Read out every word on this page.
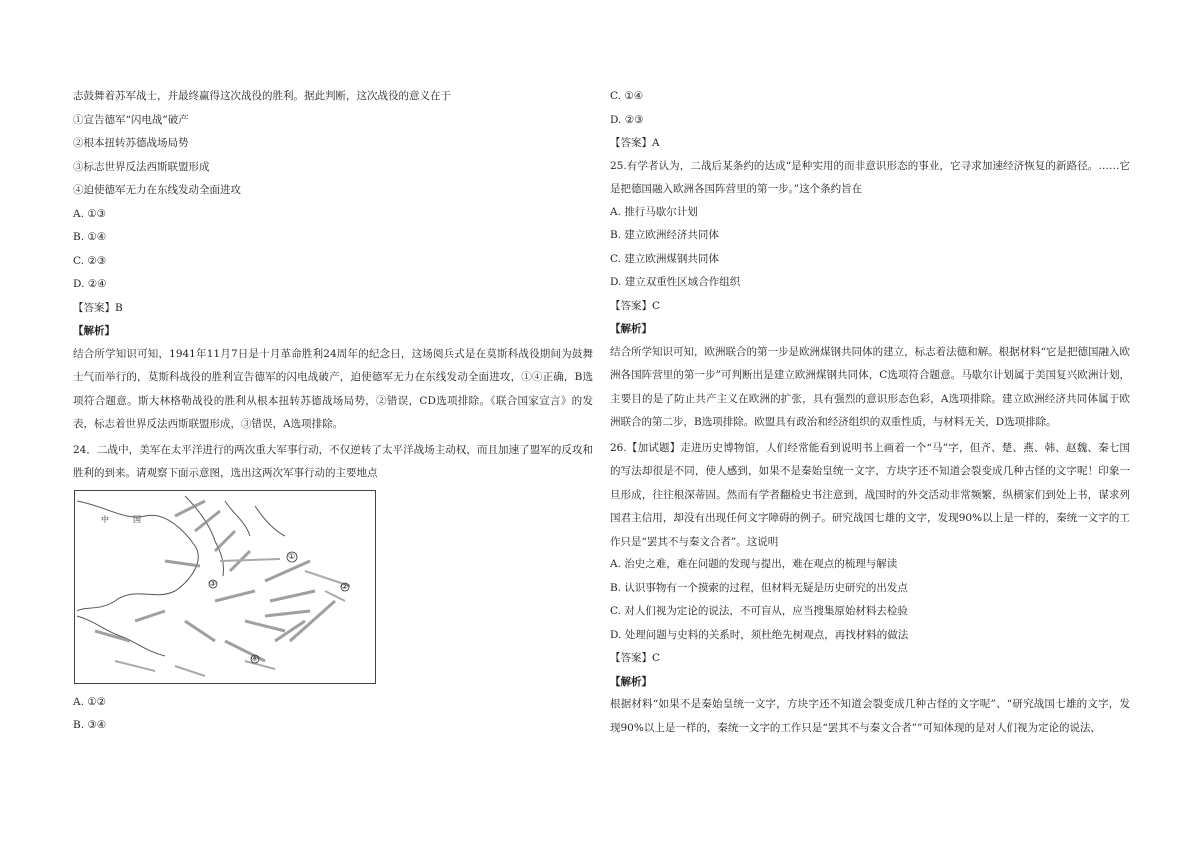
志鼓舞着苏军战士，并最终赢得这次战役的胜利。据此判断，这次战役的意义在于

①宣告德军“闪电战”破产

②根本扭转苏德战场局势

③标志世界反法西斯联盟形成

④迫使德军无力在东线发动全面进攻

A. ①③

B. ①④

C. ②③

D. ②④

【答案】B

【解析】

结合所学知识可知，1941年11月7日是十月革命胜利24周年的纪念日，这场阅兵式是在莫斯科战役期间为鼓舞士气而举行的，莫斯科战役的胜利宣告德军的闪电战破产，迫使德军无力在东线发动全面进攻，①④正确，B选项符合题意。斯大林格勒战役的胜利从根本扭转苏德战场局势，②错误，CD选项排除。《联合国家宣言》的发表，标志着世界反法西斯联盟形成，③错误，A选项排除。

24．二战中，美军在太平洋进行的两次重大军事行动，不仅逆转了太平洋战场主动权，而且加速了盟军的反攻和胜利的到来。请观察下面示意图，选出这两次军事行动的主要地点

中	国
①
②
③
④

A. ①②

B. ③④

C. ①④

D. ②③

【答案】A

25.有学者认为，二战后某条约的达成“是种实用的而非意识形态的事业，它寻求加速经济恢复的新路径。……它是把德国融入欧洲各国阵营里的第一步。”这个条约旨在

A. 推行马歇尔计划

B. 建立欧洲经济共同体

C. 建立欧洲煤钢共同体

D. 建立双重性区域合作组织

【答案】C

【解析】

结合所学知识可知，欧洲联合的第一步是欧洲煤钢共同体的建立，标志着法德和解。根据材料“它是把德国融入欧洲各国阵营里的第一步”可判断出是建立欧洲煤钢共同体，C选项符合题意。马歇尔计划属于美国复兴欧洲计划，主要目的是了防止共产主义在欧洲的扩张，具有强烈的意识形态色彩，A选项排除。建立欧洲经济共同体属于欧洲联合的第二步，B选项排除。欧盟具有政治和经济组织的双重性质，与材料无关，D选项排除。

26.【加试题】走进历史博物馆，人们经常能看到说明书上画着一个“马”字，但齐、楚、燕、韩、赵魏、秦七国的写法却很是不同，使人感到，如果不是秦始皇统一文字，方块字还不知道会裂变成几种古怪的文字呢！印象一旦形成，往往根深蒂固。然而有学者翻检史书注意到，战国时的外交活动非常频繁，纵横家们到处上书，谋求列国君主信用，却没有出现任何文字障碍的例子。研究战国七雄的文字，发现90%以上是一样的，秦统一文字的工作只是“罢其不与秦文合者”。这说明

A. 治史之难，难在问题的发现与提出，难在观点的梳理与解读

B. 认识事物有一个摸索的过程，但材料无疑是历史研究的出发点

C. 对人们视为定论的说法，不可盲从，应当搜集原始材料去检验

D. 处理问题与史料的关系时，须杜绝先树观点，再找材料的做法

【答案】C

【解析】

根据材料“如果不是秦始皇统一文字，方块字还不知道会裂变成几种古怪的文字呢”、“研究战国七雄的文字，发现90%以上是一样的，秦统一文字的工作只是“罢其不与秦文合者””可知体现的是对人们视为定论的说法，
